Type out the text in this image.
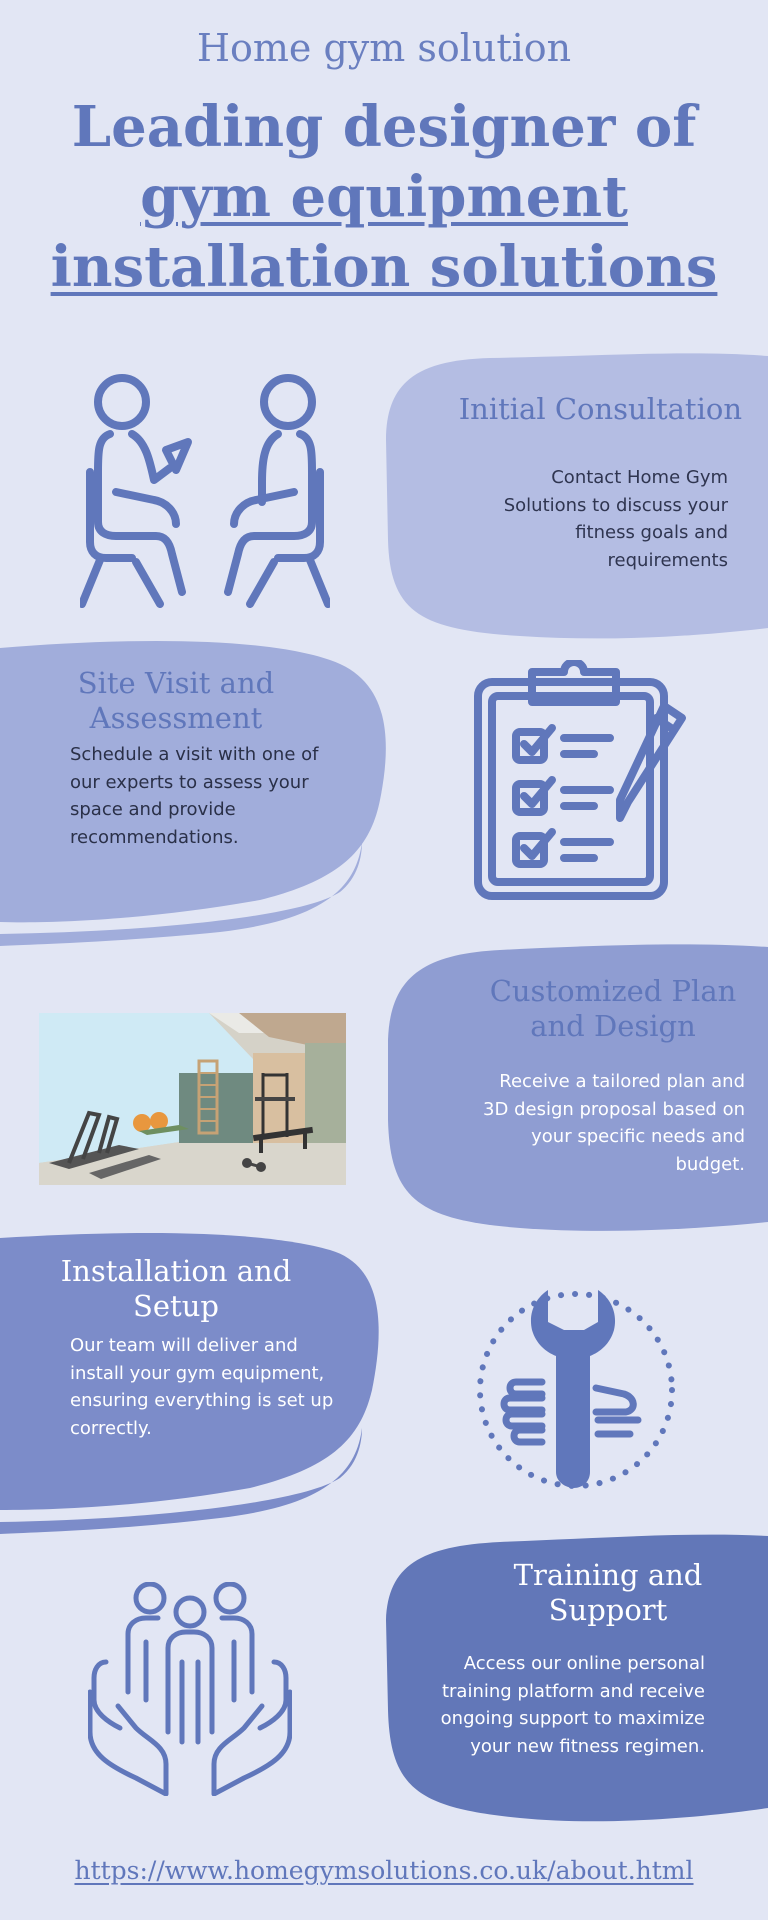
Home gym solution
Leading designer of
gym equipment
installation solutions
Initial Consultation
Contact Home Gym Solutions to discuss your fitness goals and requirements
Site Visit and Assessment
Schedule a visit with one of our experts to assess your space and provide recommendations.
Customized Plan and Design
Receive a tailored plan and 3D design proposal based on your specific needs and budget.
Installation and Setup
Our team will deliver and install your gym equipment, ensuring everything is set up correctly.
Training and Support
Access our online personal training platform and receive ongoing support to maximize your new fitness regimen.
https://www.homegymsolutions.co.uk/about.html
